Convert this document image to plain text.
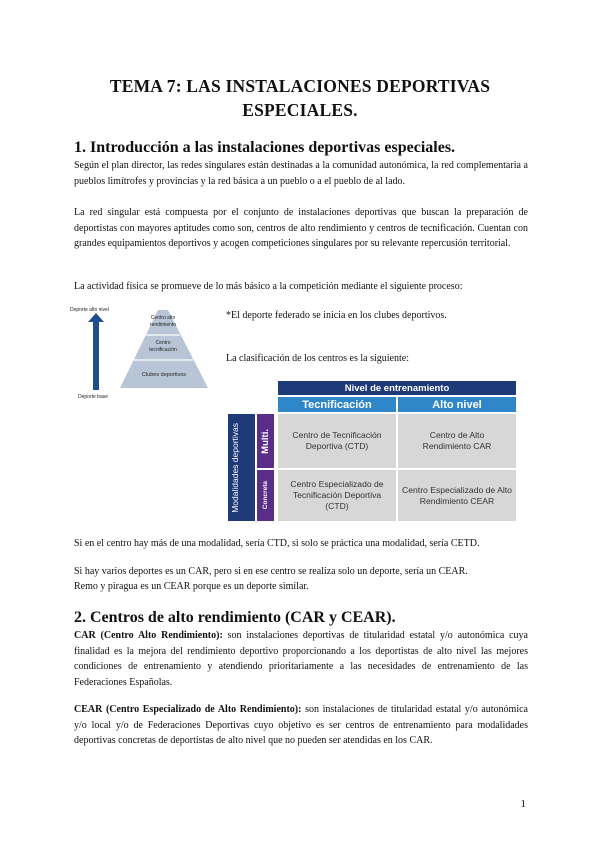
TEMA 7: LAS INSTALACIONES DEPORTIVAS ESPECIALES.
1. Introducción a las instalaciones deportivas especiales.
Según el plan director, las redes singulares están destinadas a la comunidad autonómica, la red complementaria a pueblos limítrofes y provincias y la red básica a un pueblo o a el pueblo de al lado.
La red singular está compuesta por el conjunto de instalaciones deportivas que buscan la preparación de deportistas con mayores aptitudes como son, centros de alto rendimiento y centros de tecnificación. Cuentan con grandes equipamientos deportivos y acogen competiciones singulares por su relevante repercusión territorial.
La actividad física se promueve de lo más básico a la competición mediante el siguiente proceso:
Deporte alto nivel
Deporte base
Centro alto
rendimiento
Centro
tecnificación
Clubes deportivos
*El deporte federado se inicia en los clubes deportivos.
La clasificación de los centros es la siguiente:
Nivel de entrenamiento
Tecnificación	Alto nivel
Modalidades deportivas	Multi.
Concreta
Centro de Tecnificación Deportiva (CTD)
Centro de Alto Rendimiento CAR
Centro Especializado de Tecnificación Deportiva (CTD)
Centro Especializado de Alto Rendimiento CEAR
Si en el centro hay más de una modalidad, sería CTD, si solo se práctica una modalidad, sería CETD.
Si hay varios deportes es un CAR, pero si en ese centro se realiza solo un deporte, sería un CEAR.
Remo y piragua es un CEAR porque es un deporte similar.
2. Centros de alto rendimiento (CAR y CEAR).
CAR (Centro Alto Rendimiento): son instalaciones deportivas de titularidad estatal y/o autonómica cuya finalidad es la mejora del rendimiento deportivo proporcionando a los deportistas de alto nivel las mejores condiciones de entrenamiento y atendiendo prioritariamente a las necesidades de entrenamiento de las Federaciones Españolas.
CEAR (Centro Especializado de Alto Rendimiento): son instalaciones de titularidad estatal y/o autonómica y/o local y/o de Federaciones Deportivas cuyo objetivo es ser centros de entrenamiento para modalidades deportivas concretas de deportistas de alto nivel que no pueden ser atendidas en los CAR.
1
